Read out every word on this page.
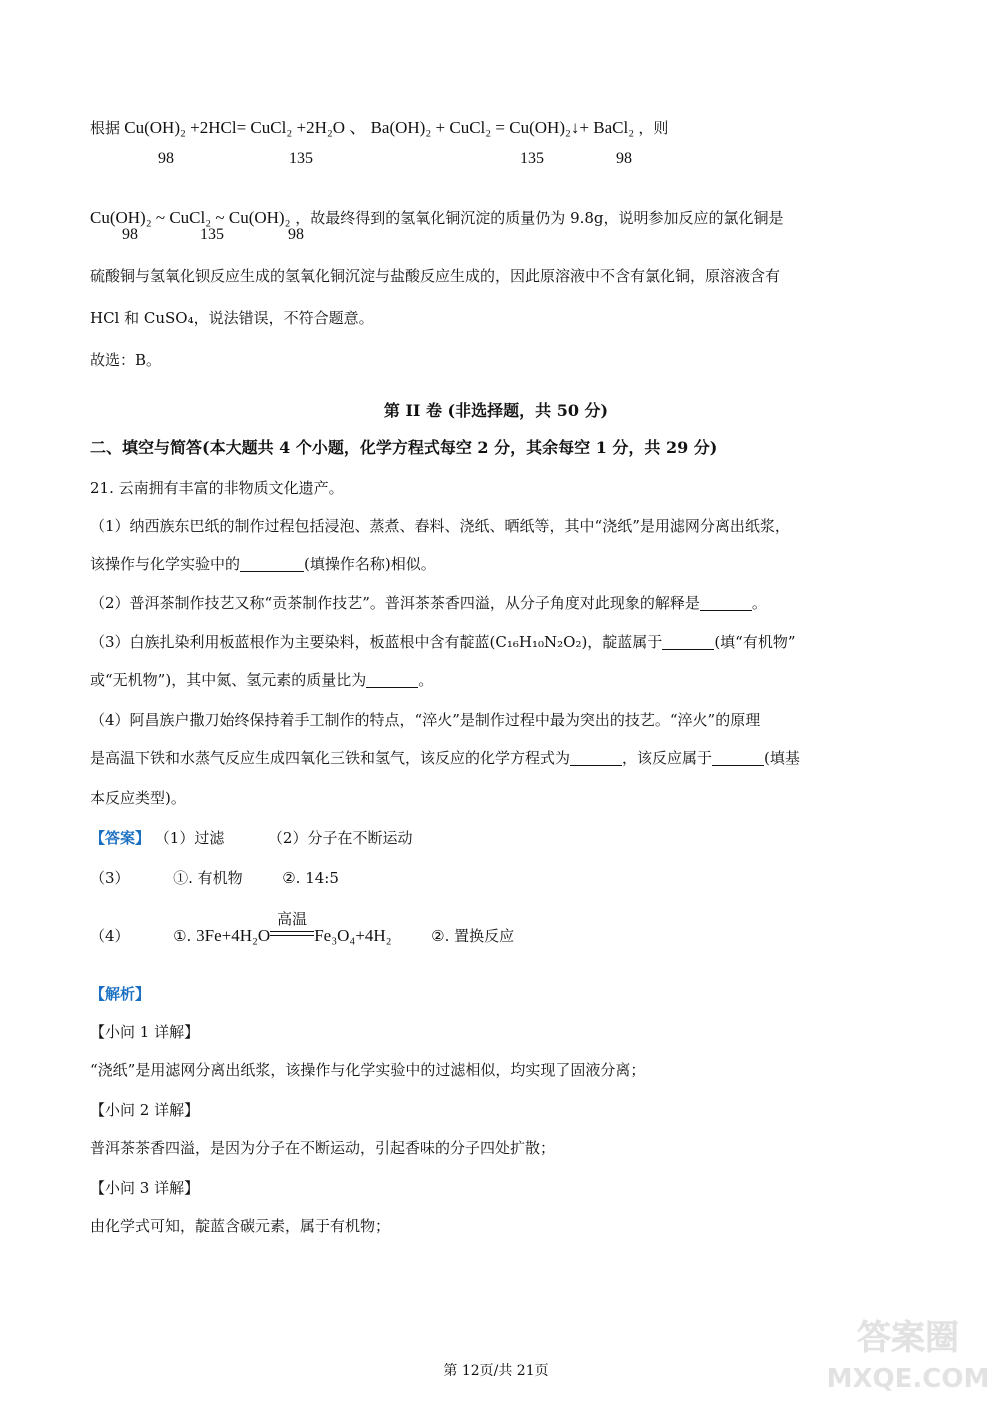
根据 Cu(OH)₂ +2HCl= CuCl₂ +2H₂O 、 Ba(OH)₂ + CuCl₂ = Cu(OH)₂↓+ BaCl₂ ，则
98	135	135	98
Cu(OH)₂ ~ CuCl₂ ~ Cu(OH)₂ ，故最终得到的氢氧化铜沉淀的质量仍为 9.8g，说明参加反应的氯化铜是
98	135	98
硫酸铜与氢氧化钡反应生成的氢氧化铜沉淀与盐酸反应生成的，因此原溶液中不含有氯化铜，原溶液含有
HCl 和 CuSO₄，说法错误，不符合题意。
故选：B。
第 II 卷 (非选择题，共 50 分)
二、填空与简答(本大题共 4 个小题，化学方程式每空 2 分，其余每空 1 分，共 29 分)
21. 云南拥有丰富的非物质文化遗产。
（1）纳西族东巴纸的制作过程包括浸泡、蒸煮、舂料、浇纸、晒纸等，其中“浇纸”是用滤网分离出纸浆，
该操作与化学实验中的	(填操作名称)相似。
（2）普洱茶制作技艺又称“贡茶制作技艺”。普洱茶茶香四溢，从分子角度对此现象的解释是	。
（3）白族扎染利用板蓝根作为主要染料，板蓝根中含有靛蓝(C₁₆H₁₀N₂O₂)，靛蓝属于	(填“有机物”
或“无机物”)，其中氮、氢元素的质量比为	。
（4）阿昌族户撒刀始终保持着手工制作的特点，“淬火”是制作过程中最为突出的技艺。“淬火”的原理
是高温下铁和水蒸气反应生成四氧化三铁和氢气，该反应的化学方程式为	，该反应属于	(填基
本反应类型)。
【答案】 （1）过滤	（2）分子在不断运动
（3）	①. 有机物	②. 14:5
（4）	①. 3Fe+4H₂O
高温
Fe₃O₄+4H₂	②. 置换反应
【解析】
【小问 1 详解】
“浇纸”是用滤网分离出纸浆，该操作与化学实验中的过滤相似，均实现了固液分离；
【小问 2 详解】
普洱茶茶香四溢，是因为分子在不断运动，引起香味的分子四处扩散；
【小问 3 详解】
由化学式可知，靛蓝含碳元素，属于有机物；
第 12页/共 21页
答案圈
MXQE.COM
